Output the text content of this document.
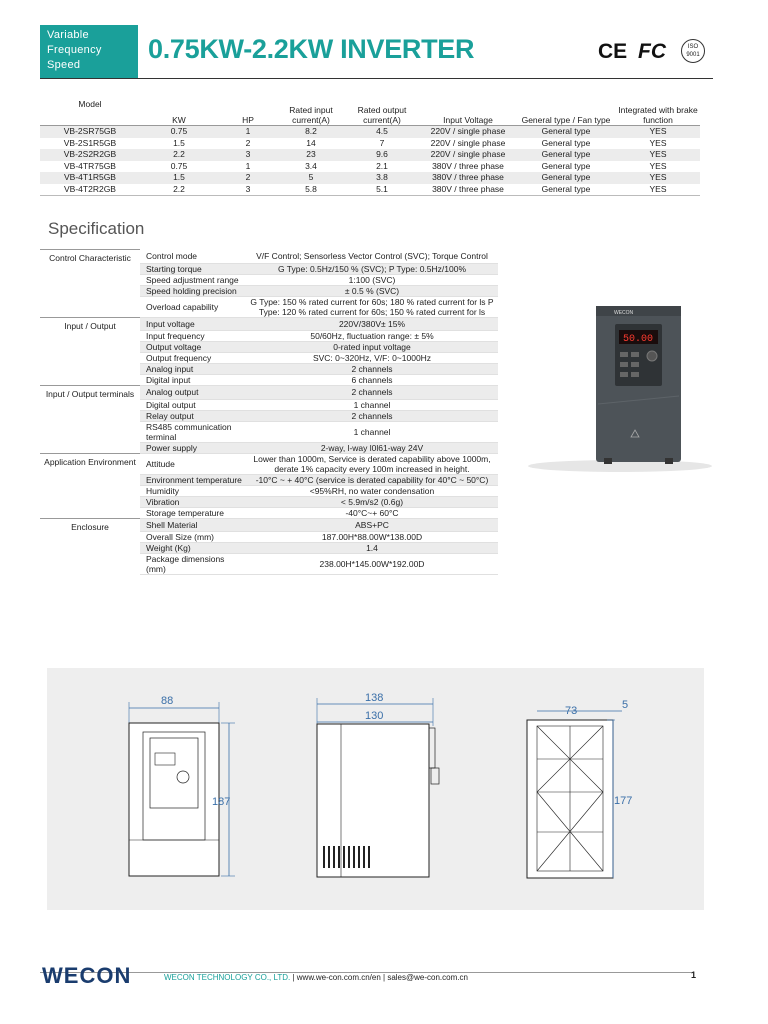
Variable
Frequency
Speed
0.75KW-2.2KW INVERTER	CE FC	ISO 9001
Model	KW	HP	Rated input current(A)	Rated output current(A)	Input Voltage	General type / Fan type	Integrated with brake function
VB-2SR75GB	0.75	1	8.2	4.5	220V / single phase	General type	YES
VB-2S1R5GB	1.5	2	14	7	220V / single phase	General type	YES
VB-2S2R2GB	2.2	3	23	9.6	220V / single phase	General type	YES
VB-4TR75GB	0.75	1	3.4	2.1	380V / three phase	General type	YES
VB-4T1R5GB	1.5	2	5	3.8	380V / three phase	General type	YES
VB-4T2R2GB	2.2	3	5.8	5.1	380V / three phase	General type	YES
Specification
Control Characteristic	Control mode	V/F Control; Sensorless Vector Control (SVC); Torque Control
	Starting torque	G Type: 0.5Hz/150 % (SVC); P Type: 0.5Hz/100%
	Speed adjustment range	1:100 (SVC)
	Speed holding precision	± 0.5 % (SVC)
	Overload capability	G Type: 150 % rated current for 60s; 180 % rated current for ls P Type: 120 % rated current for 60s; 150 % rated current for ls
Input / Output	Input voltage	220V/380V± 15%
	Input frequency	50/60Hz, fluctuation range: ± 5%
	Output voltage	0-rated input voltage
	Output frequency	SVC: 0~320Hz, V/F: 0~1000Hz
	Analog input	2 channels
	Digital input	6 channels
Input / Output terminals	Analog output	2 channels
	Digital output	1 channel
	Relay output	2 channels
	RS485 communication terminal	1 channel
	Power supply	2-way, l-way l0l61-way 24V
Application Environment	Attitude	Lower than 1000m, Service is derated capability above 1000m, derate 1% capacity every 100m increased in height.
	Environment temperature	-10°C ~ + 40°C (service is derated capability for 40°C ~ 50°C)
	Humidity	<95%RH, no water condensation
	Vibration	< 5.9m/s2 (0.6g)
	Storage temperature	-40°C~+ 60°C
Enclosure	Shell Material	ABS+PC
	Overall Size (mm)	187.00H*88.00W*138.00D
	Weight (Kg)	1.4
	Package dimensions (mm)	238.00H*145.00W*192.00D
WECON
50.00
88
187
138
130	73	5
177
WECON	WECON TECHNOLOGY CO., LTD. | www.we-con.com.cn/en | sales@we-con.com.cn	1
